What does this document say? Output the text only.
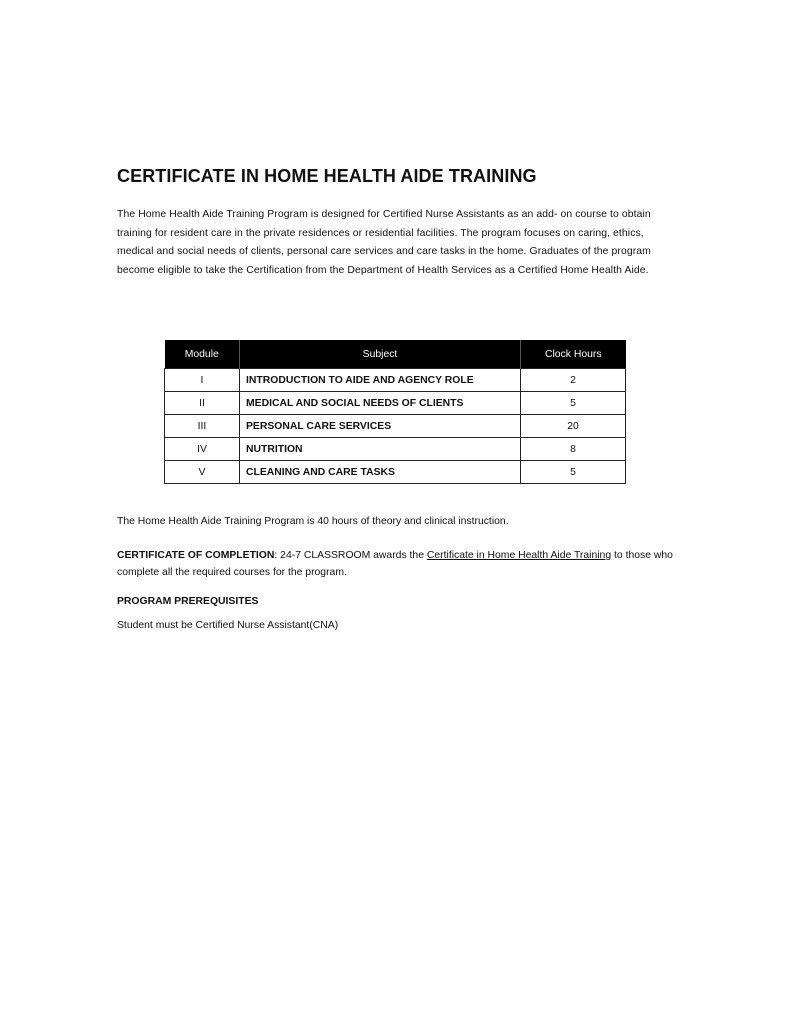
CERTIFICATE IN HOME HEALTH AIDE TRAINING

The Home Health Aide Training Program is designed for Certified Nurse Assistants as an add- on course to obtain training for resident care in the private residences or residential facilities. The program focuses on caring, ethics, medical and social needs of clients, personal care services and care tasks in the home. Graduates of the program become eligible to take the Certification from the Department of Health Services as a Certified Home Health Aide.

Module	Subject	Clock Hours
I	INTRODUCTION TO AIDE AND AGENCY ROLE	2
II	MEDICAL AND SOCIAL NEEDS OF CLIENTS	5
III	PERSONAL CARE SERVICES	20
IV	NUTRITION	8
V	CLEANING AND CARE TASKS	5

The Home Health Aide Training Program is 40 hours of theory and clinical instruction.

CERTIFICATE OF COMPLETION: 24-7 CLASSROOM awards the Certificate in Home Health Aide Training to those who complete all the required courses for the program.

PROGRAM PREREQUISITES

Student must be Certified Nurse Assistant(CNA)
